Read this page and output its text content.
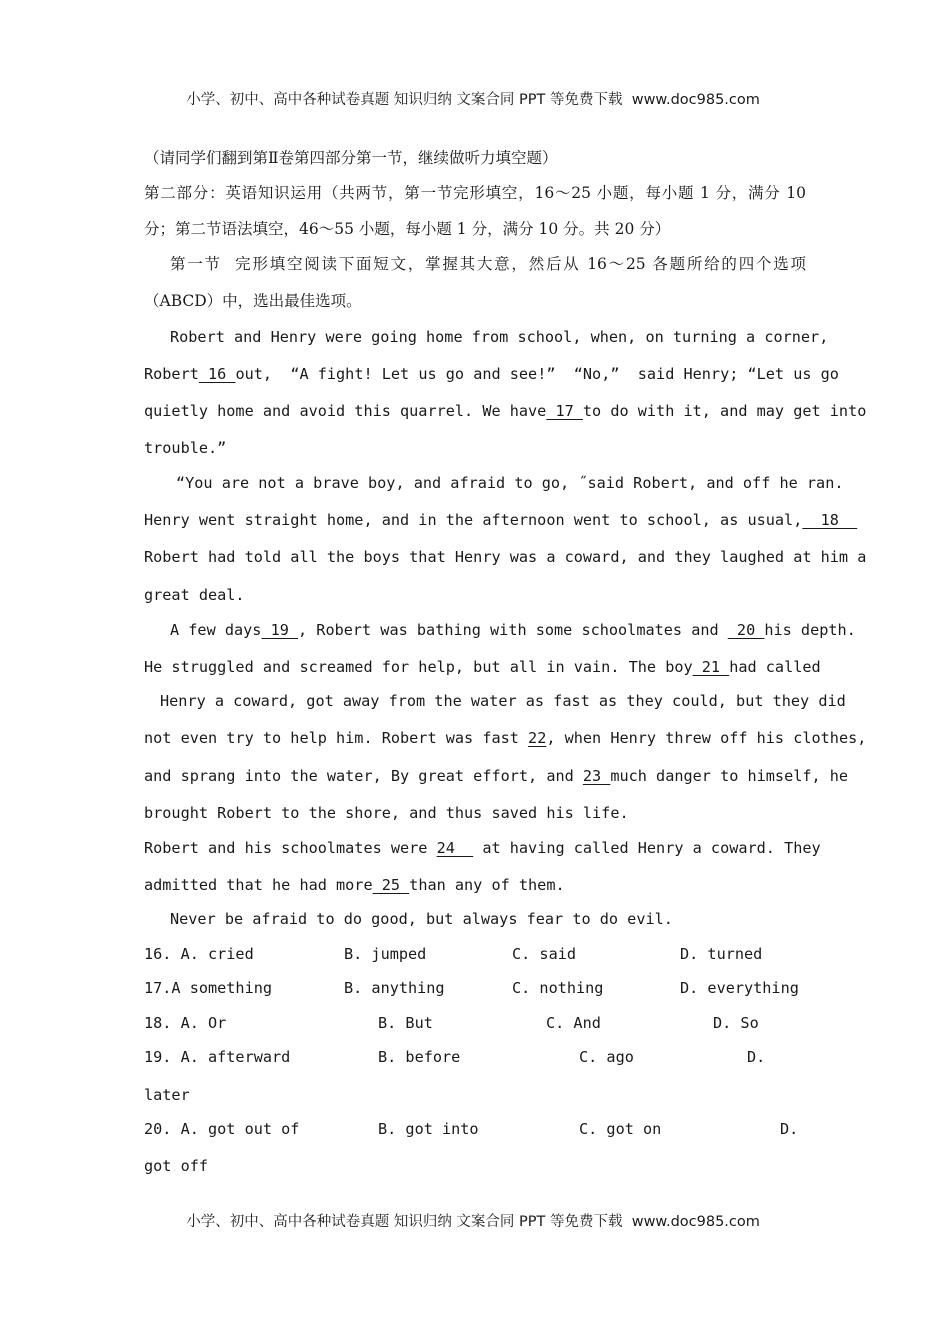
小学、初中、高中各种试卷真题 知识归纳 文案合同 PPT 等免费下载 www.doc985.com

（请同学们翻到第Ⅱ卷第四部分第一节，继续做听力填空题）
第二部分：英语知识运用（共两节，第一节完形填空，16～25 小题，每小题 1 分，满分 10
分；第二节语法填空，46～55 小题，每小题 1 分，满分 10 分。共 20 分）
第一节  完形填空阅读下面短文，掌握其大意，然后从 16～25 各题所给的四个选项
（ABCD）中，选出最佳选项。
Robert and Henry were going home from school, when, on turning a corner,
Robert 16 out,  “A fight! Let us go and see!”  “No,”  said Henry; “Let us go
quietly home and avoid this quarrel. We have 17 to do with it, and may get into
trouble.”
“You are not a brave boy, and afraid to go, ˝said Robert, and off he ran.
Henry went straight home, and in the afternoon went to school, as usual,  18
Robert had told all the boys that Henry was a coward, and they laughed at him a
great deal.
A few days 19 , Robert was bathing with some schoolmates and  20 his depth.
He struggled and screamed for help, but all in vain. The boy 21 had called
Henry a coward, got away from the water as fast as they could, but they did
not even try to help him. Robert was fast 22, when Henry threw off his clothes,
and sprang into the water, By great effort, and 23 much danger to himself, he
brought Robert to the shore, and thus saved his life.
Robert and his schoolmates were 24   at having called Henry a coward. They
admitted that he had more 25 than any of them.
Never be afraid to do good, but always fear to do evil.
16. A. cried	B. jumped	C. said	D. turned
17.A something	B. anything	C. nothing	D. everything
18. A. Or	B. But	C. And	D. So
19. A. afterward	B. before	C. ago	D.
later
20. A. got out of	B. got into	C. got on	D.
got off

小学、初中、高中各种试卷真题 知识归纳 文案合同 PPT 等免费下载 www.doc985.com
